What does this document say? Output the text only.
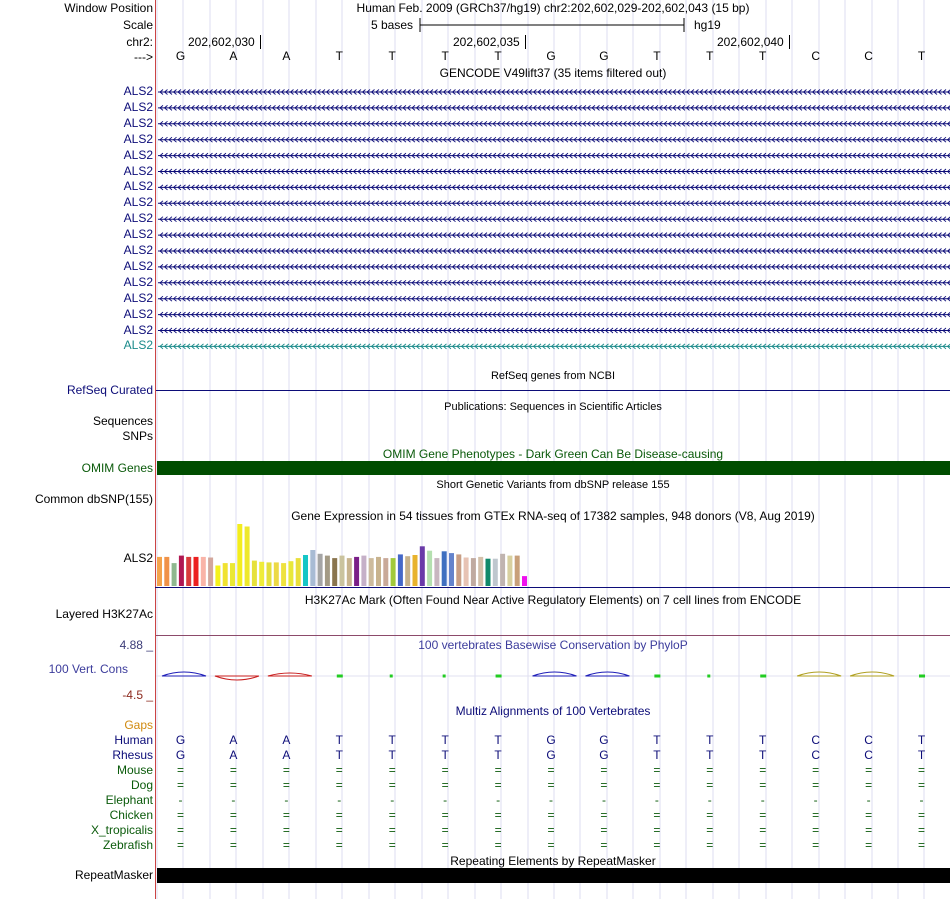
Window Position	Human Feb. 2009 (GRCh37/hg19) chr2:202,602,029-202,602,043 (15 bp)
Scale	5 bases	hg19
chr2:	202,602,030	202,602,035	202,602,040
--->	G	A	A	T	T	T	T	G	G	T	T	T	C	C	T
GENCODE V49lift37 (35 items filtered out)
ALS2
ALS2
ALS2
ALS2
ALS2
ALS2
ALS2
ALS2
ALS2
ALS2
ALS2
ALS2
ALS2
ALS2
ALS2
ALS2
ALS2
RefSeq genes from NCBI
RefSeq Curated
Publications: Sequences in Scientific Articles
Sequences
SNPs
OMIM Gene Phenotypes - Dark Green Can Be Disease-causing
OMIM Genes
Short Genetic Variants from dbSNP release 155
Common dbSNP(155)
Gene Expression in 54 tissues from GTEx RNA-seq of 17382 samples, 948 donors (V8, Aug 2019)
ALS2
H3K27Ac Mark (Often Found Near Active Regulatory Elements) on 7 cell lines from ENCODE
Layered H3K27Ac
100 vertebrates Basewise Conservation by PhyloP
4.88 _
100 Vert. Cons
-4.5 _
Gaps
Multiz Alignments of 100 Vertebrates
Human	G	A	A	T	T	T	T	G	G	T	T	T	C	C	T
Rhesus	G	A	A	T	T	T	T	G	G	T	T	T	C	C	T
Mouse	=	=	=	=	=	=	=	=	=	=	=	=	=	=	=
Dog	=	=	=	=	=	=	=	=	=	=	=	=	=	=	=
Elephant	-	-	-	-	-	-	-	-	-	-	-	-	-	-	-
Chicken	=	=	=	=	=	=	=	=	=	=	=	=	=	=	=
X_tropicalis	=	=	=	=	=	=	=	=	=	=	=	=	=	=	=
Zebrafish	=	=	=	=	=	=	=	=	=	=	=	=	=	=	=
Repeating Elements by RepeatMasker
RepeatMasker
